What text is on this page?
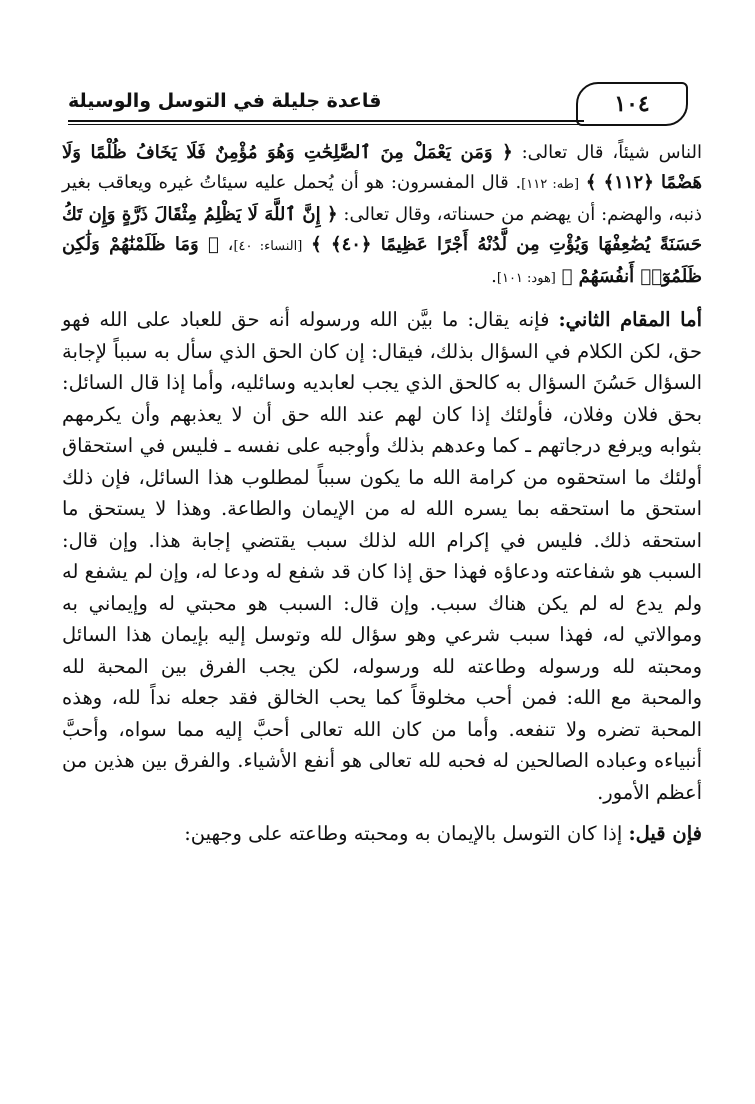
قاعدة جليلة في التوسل والوسيلة	١٠٤

الناس شيئاً، قال تعالى: ﴿ وَمَن يَعْمَلْ مِنَ ٱلصَّٰلِحَٰتِ وَهُوَ مُؤْمِنٌ فَلَا يَخَافُ ظُلْمًا وَلَا هَضْمًا ﴿١١٢﴾ ﴾ [طه: ١١٢]. قال المفسرون: هو أن يُحمل عليه سيئاتُ غيره ويعاقب بغير ذنبه، والهضم: أن يهضم من حسناته، وقال تعالى: ﴿ إِنَّ ٱللَّهَ لَا يَظْلِمُ مِثْقَالَ ذَرَّةٍ وَإِن تَكُ حَسَنَةً يُضَٰعِفْهَا وَيُؤْتِ مِن لَّدُنْهُ أَجْرًا عَظِيمًا ﴿٤٠﴾ ﴾ [النساء: ٤٠]، ﴿ وَمَا ظَلَمْنَٰهُمْ وَلَٰكِن ظَلَمُوٓا۟ أَنفُسَهُمْ ﴾ [هود: ١٠١].

أما المقام الثاني: فإنه يقال: ما بيَّن الله ورسوله أنه حق للعباد على الله فهو حق، لكن الكلام في السؤال بذلك، فيقال: إن كان الحق الذي سأل به سبباً لإجابة السؤال حَسُنَ السؤال به كالحق الذي يجب لعابديه وسائليه، وأما إذا قال السائل: بحق فلان وفلان، فأولئك إذا كان لهم عند الله حق أن لا يعذبهم وأن يكرمهم بثوابه ويرفع درجاتهم ـ كما وعدهم بذلك وأوجبه على نفسه ـ فليس في استحقاق أولئك ما استحقوه من كرامة الله ما يكون سبباً لمطلوب هذا السائل، فإن ذلك استحق ما استحقه بما يسره الله له من الإيمان والطاعة. وهذا لا يستحق ما استحقه ذلك. فليس في إكرام الله لذلك سبب يقتضي إجابة هذا. وإن قال: السبب هو شفاعته ودعاؤه فهذا حق إذا كان قد شفع له ودعا له، وإن لم يشفع له ولم يدع له لم يكن هناك سبب. وإن قال: السبب هو محبتي له وإيماني به وموالاتي له، فهذا سبب شرعي وهو سؤال لله وتوسل إليه بإيمان هذا السائل ومحبته لله ورسوله وطاعته لله ورسوله، لكن يجب الفرق بين المحبة لله والمحبة مع الله: فمن أحب مخلوقاً كما يحب الخالق فقد جعله نداً لله، وهذه المحبة تضره ولا تنفعه. وأما من كان الله تعالى أحبَّ إليه مما سواه، وأحبَّ أنبياءه وعباده الصالحين له فحبه لله تعالى هو أنفع الأشياء. والفرق بين هذين من أعظم الأمور.

فإن قيل: إذا كان التوسل بالإيمان به ومحبته وطاعته على وجهين:
